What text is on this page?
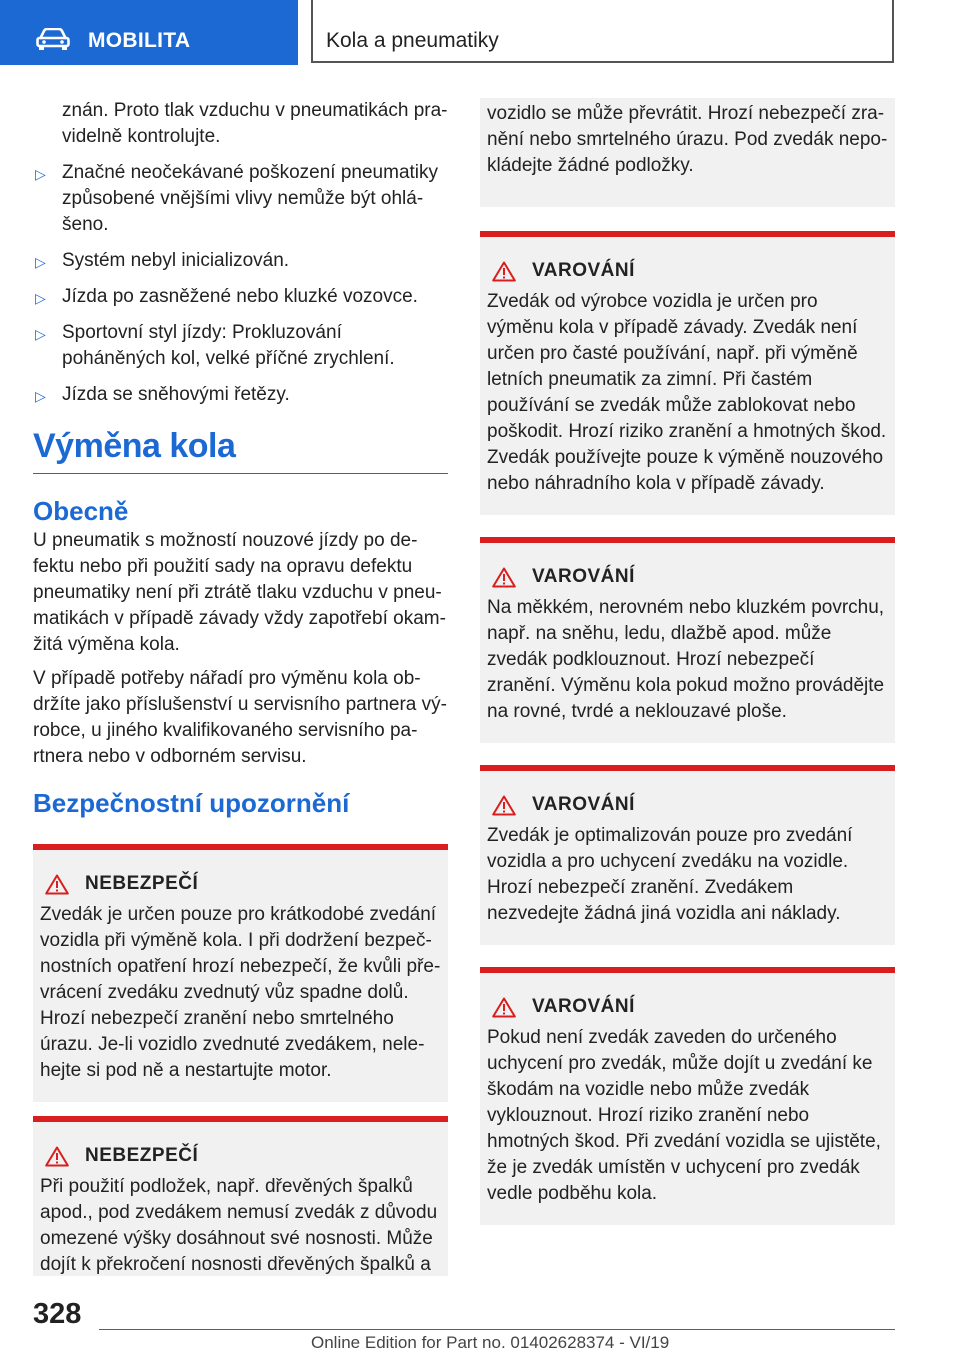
MOBILITA	Kola a pneumatiky

znán. Proto tlak vzduchu v pneumatikách pravidelně kontrolujte.

▷ Značné neočekávané poškození pneumatiky způsobené vnějšími vlivy nemůže být ohlášeno.
▷ Systém nebyl inicializován.
▷ Jízda po zasněžené nebo kluzké vozovce.
▷ Sportovní styl jízdy: Prokluzování poháněných kol, velké příčné zrychlení.
▷ Jízda se sněhovými řetězy.
Výměna kola
Obecně

U pneumatik s možností nouzové jízdy po defektu nebo při použití sady na opravu defektu pneumatiky není při ztrátě tlaku vzduchu v pneumatikách v případě závady vždy zapotřebí okamžitá výměna kola.

V případě potřeby nářadí pro výměnu kola obdržíte jako příslušenství u servisního partnera výrobce, u jiného kvalifikovaného servisního partnera nebo v odborném servisu.

Bezpečnostní upozornění
NEBEZPEČÍ

Zvedák je určen pouze pro krátkodobé zvedání vozidla při výměně kola. I při dodržení bezpečnostních opatření hrozí nebezpečí, že kvůli převrácení zvedáku zvednutý vůz spadne dolů. Hrozí nebezpečí zranění nebo smrtelného úrazu. Je-li vozidlo zvednuté zvedákem, nelehejte si pod ně a nestartujte motor.

NEBEZPEČÍ

Při použití podložek, např. dřevěných špalků apod., pod zvedákem nemusí zvedák z důvodu omezené výšky dosáhnout své nosnosti. Může dojít k překročení nosnosti dřevěných špalků a

vozidlo se může převrátit. Hrozí nebezpečí zranění nebo smrtelného úrazu. Pod zvedák nepokládejte žádné podložky.

VAROVÁNÍ

Zvedák od výrobce vozidla je určen pro výměnu kola v případě závady. Zvedák není určen pro časté používání, např. při výměně letních pneumatik za zimní. Při častém používání se zvedák může zablokovat nebo poškodit. Hrozí riziko zranění a hmotných škod. Zvedák používejte pouze k výměně nouzového nebo náhradního kola v případě závady.

VAROVÁNÍ

Na měkkém, nerovném nebo kluzkém povrchu, např. na sněhu, ledu, dlažbě apod. může zvedák podklouznout. Hrozí nebezpečí zranění. Výměnu kola pokud možno provádějte na rovné, tvrdé a neklouzavé ploše.

VAROVÁNÍ

Zvedák je optimalizován pouze pro zvedání vozidla a pro uchycení zvedáku na vozidle. Hrozí nebezpečí zranění. Zvedákem nezvedejte žádná jiná vozidla ani náklady.

VAROVÁNÍ

Pokud není zvedák zaveden do určeného uchycení pro zvedák, může dojít u zvedání ke škodám na vozidle nebo může zvedák vyklouznout. Hrozí riziko zranění nebo hmotných škod. Při zvedání vozidla se ujistěte, že je zvedák umístěn v uchycení pro zvedák vedle podběhu kola.

328
Online Edition for Part no. 01402628374 - VI/19
